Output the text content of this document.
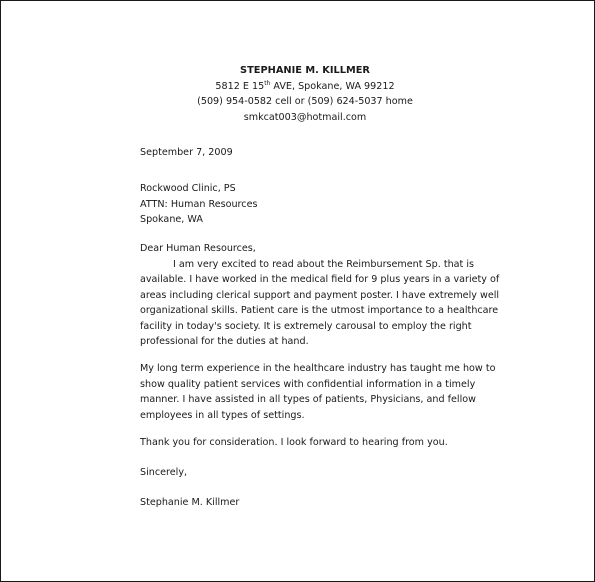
STEPHANIE M. KILLMER
5812 E 15th AVE, Spokane, WA 99212
(509) 954-0582 cell or (509) 624-5037 home
smkcat003@hotmail.com
September 7, 2009
Rockwood Clinic, PS
ATTN: Human Resources
Spokane, WA
Dear Human Resources,
I am very excited to read about the Reimbursement Sp. that is
available. I have worked in the medical field for 9 plus years in a variety of
areas including clerical support and payment poster. I have extremely well
organizational skills. Patient care is the utmost importance to a healthcare
facility in today's society. It is extremely carousal to employ the right
professional for the duties at hand.
My long term experience in the healthcare industry has taught me how to
show quality patient services with confidential information in a timely
manner. I have assisted in all types of patients, Physicians, and fellow
employees in all types of settings.
Thank you for consideration. I look forward to hearing from you.
Sincerely,
Stephanie M. Killmer
